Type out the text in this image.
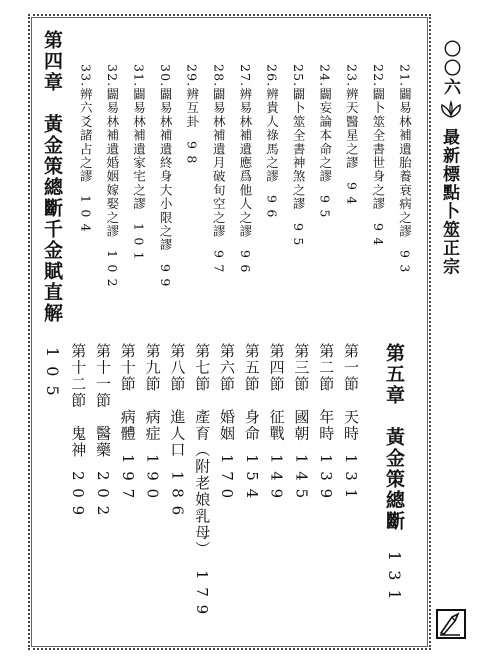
〇〇六
最新標點卜筮正宗
第五章　黃金策總斷 1 3 1
第一節　天時1 3 1
第二節　年時1 3 9
第三節　國朝1 4 5
第四節　征戰1 4 9
第五節　身命1 5 4
第六節　婚姻1 7 0
第七節　產育（附老娘乳母）1 7 9
第八節　進人口1 8 6
第九節　病症1 9 0
第十節　病體1 9 7
第十一節　醫藥2 0 2
第十二節　鬼神2 0 9
21.闢易林補遺胎養衰病之謬9 3
22.闢卜筮全書世身之謬9 4
23.辨天醫星之謬9 4
24.闢妄論本命之謬9 5
25.闢卜筮全書神煞之謬9 5
26.辨貴人祿馬之謬9 6
27.辨易林補遺應爲他人之謬9 6
28.闢易林補遺月破旬空之謬9 7
29.辨互卦9 8
30.闢易林補遺終身大小限之謬9 9
31.闢易林補遺家宅之謬1 0 1
32.闢易林補遺婚姻嫁娶之謬1 0 2
33.辨六爻諸占之謬1 0 4
第四章　黃金策總斷千金賦直解 1 0 5
